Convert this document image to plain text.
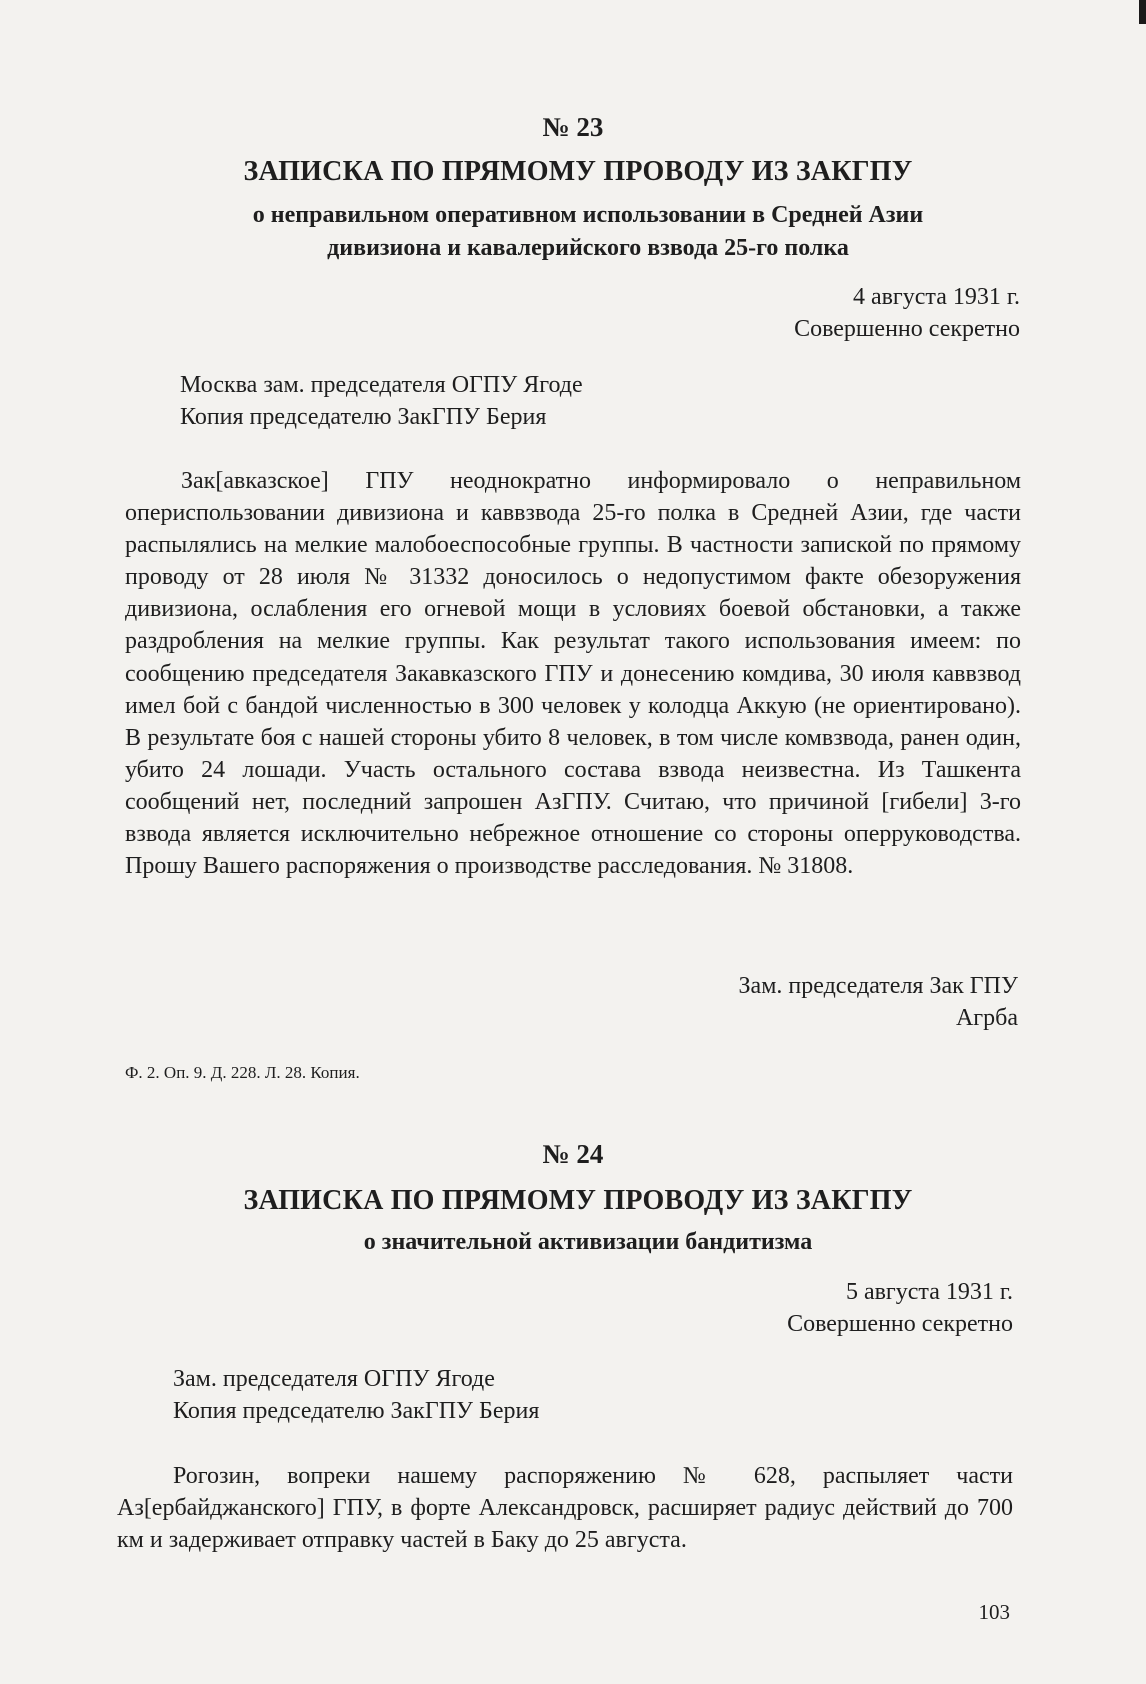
№ 23
ЗАПИСКА ПО ПРЯМОМУ ПРОВОДУ ИЗ ЗАКГПУ
о неправильном оперативном использовании в Средней Азии
дивизиона и кавалерийского взвода 25-го полка
4 августа 1931 г.
Совершенно секретно
Москва зам. председателя ОГПУ Ягоде
Копия председателю ЗакГПУ Берия
Зак[авказское] ГПУ неоднократно информировало о неправильном опериспользовании дивизиона и каввзвода 25-го полка в Средней Азии, где части распылялись на мелкие малобоеспособные группы. В частности запиской по прямому проводу от 28 июля № 31332 доносилось о недопустимом факте обезоружения дивизиона, ослабления его огневой мощи в условиях боевой обстановки, а также раздробления на мелкие группы. Как результат такого использования имеем: по сообщению председателя Закавказского ГПУ и донесению комдива, 30 июля каввзвод имел бой с бандой численностью в 300 человек у колодца Аккую (не ориентировано). В результате боя с нашей стороны убито 8 человек, в том числе комвзвода, ранен один, убито 24 лошади. Участь остального состава взвода неизвестна. Из Ташкента сообщений нет, последний запрошен АзГПУ. Считаю, что причиной [гибели] 3-го взвода является исключительно небрежное отношение со стороны опеpруководства. Прошу Вашего распоряжения о производстве расследования. № 31808.
Зам. председателя Зак ГПУ
Агрба
Ф. 2. Оп. 9. Д. 228. Л. 28. Копия.
№ 24
ЗАПИСКА ПО ПРЯМОМУ ПРОВОДУ ИЗ ЗАКГПУ
о значительной активизации бандитизма
5 августа 1931 г.
Совершенно секретно
Зам. председателя ОГПУ Ягоде
Копия председателю ЗакГПУ Берия
Рогозин, вопреки нашему распоряжению № 628, распыляет части Аз[ербайджанского] ГПУ, в форте Александровск, расширяет радиус действий до 700 км и задерживает отправку частей в Баку до 25 августа.
103
